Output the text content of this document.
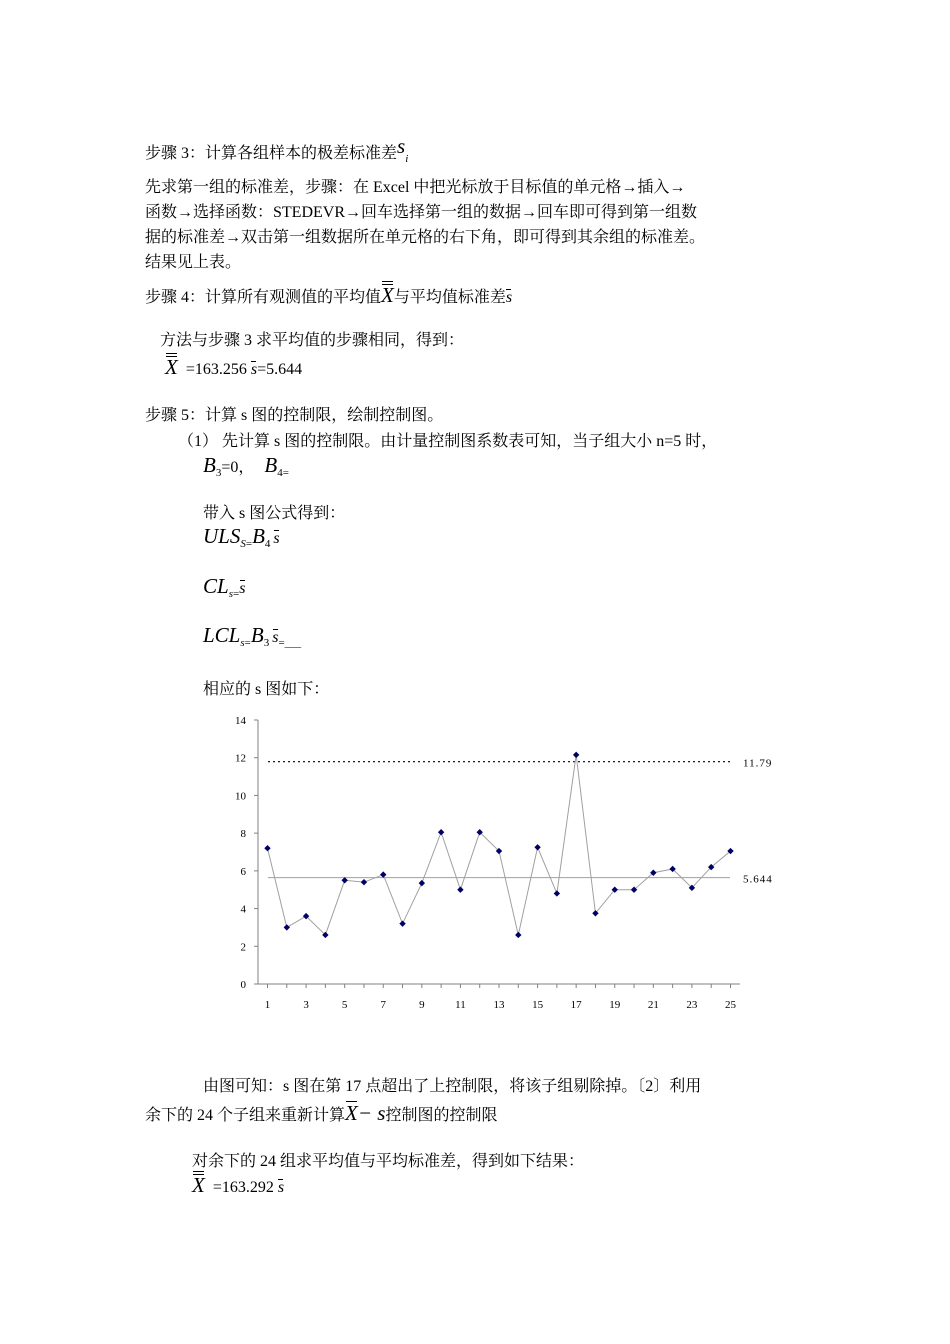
步骤 3：计算各组样本的极差标准差$s_i$
先求第一组的标准差，步骤：在 Excel 中把光标放于目标值的单元格→插入→
函数→选择函数：STEDEVR→回车选择第一组的数据→回车即可得到第一组数
据的标准差→双击第一组数据所在单元格的右下角，即可得到其余组的标准差。
结果见上表。
步骤 4：计算所有观测值的平均值X与平均值标准差s
方法与步骤 3 求平均值的步骤相同，得到：
X =163.256 s=5.644
步骤 5：计算 s 图的控制限，绘制控制图。
（1） 先计算 s 图的控制限。由计量控制图系数表可知，当子组大小 n=5 时，
$B_3=0$， $B_{4=}$
带入 s 图公式得到：
$ULS_{S=}B_4$ s
$CL_{s=}s$
$LCL_{s=}B_3$ $s_{=\_\_\_}$
相应的 s 图如下：
0
2
4
6
8
10
12
14
1	3	5	7	9	11	13	15	17	19	21	23	25
11.79
5.644
由图可知：s 图在第 17 点超出了上控制限，将该子组剔除掉。〔2〕利用
余下的 24 个子组来重新计算X− s控制图的控制限
对余下的 24 组求平均值与平均标准差，得到如下结果：
X =163.292 s
